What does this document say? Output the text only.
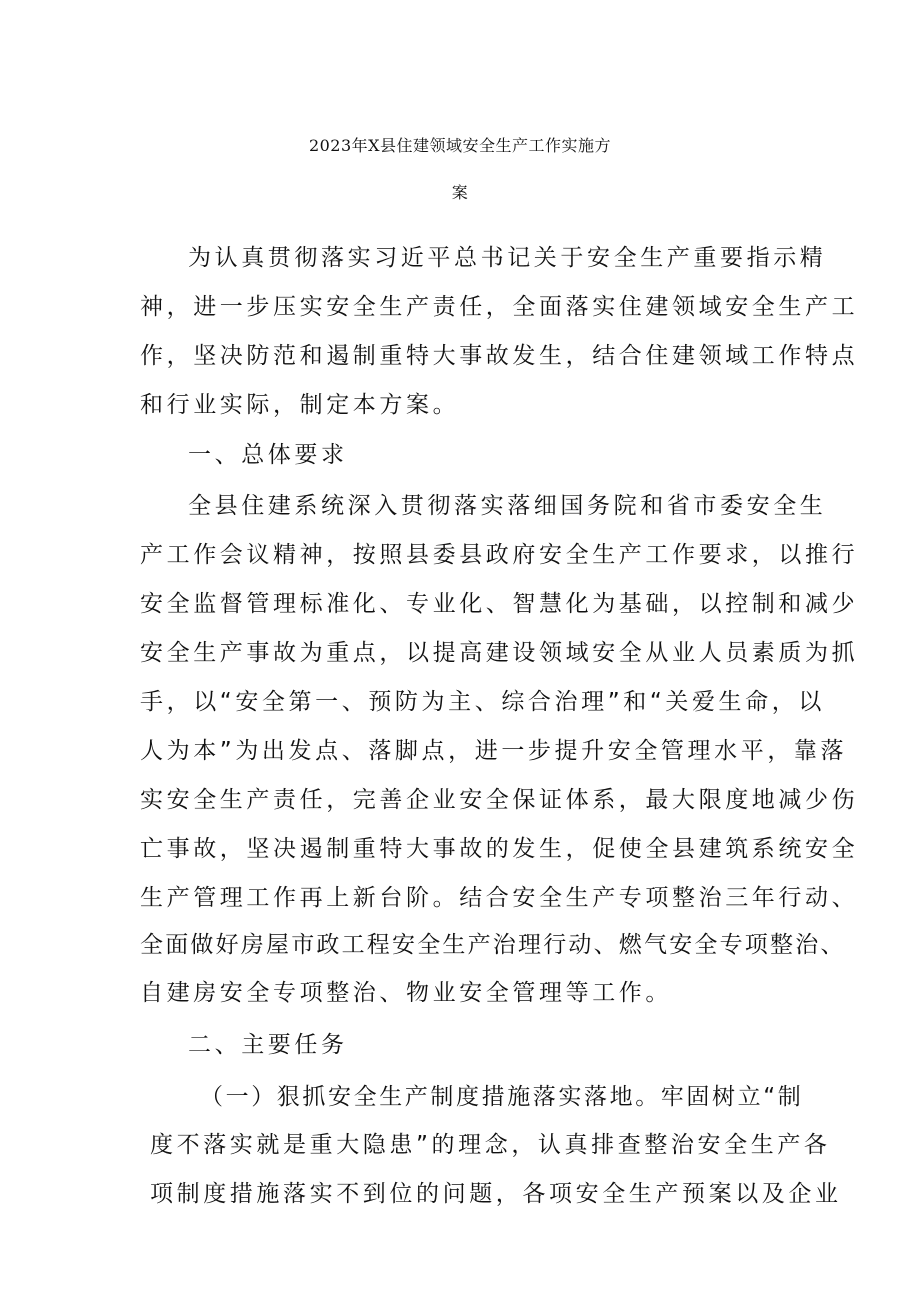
2023年X县住建领域安全生产工作实施方
案

为认真贯彻落实习近平总书记关于安全生产重要指示精

神，进一步压实安全生产责任，全面落实住建领域安全生产工

作，坚决防范和遏制重特大事故发生，结合住建领域工作特点

和行业实际，制定本方案。

一、总体要求

全县住建系统深入贯彻落实落细国务院和省市委安全生

产工作会议精神，按照县委县政府安全生产工作要求，以推行

安全监督管理标准化、专业化、智慧化为基础，以控制和减少

安全生产事故为重点，以提高建设领域安全从业人员素质为抓

手，以“安全第一、预防为主、综合治理”和“关爱生命，以

人为本”为出发点、落脚点，进一步提升安全管理水平，靠落

实安全生产责任，完善企业安全保证体系，最大限度地减少伤

亡事故，坚决遏制重特大事故的发生，促使全县建筑系统安全

生产管理工作再上新台阶。结合安全生产专项整治三年行动、

全面做好房屋市政工程安全生产治理行动、燃气安全专项整治、

自建房安全专项整治、物业安全管理等工作。

二、主要任务

（一）狠抓安全生产制度措施落实落地。牢固树立“制

度不落实就是重大隐患”的理念，认真排查整治安全生产各

项制度措施落实不到位的问题，各项安全生产预案以及企业
